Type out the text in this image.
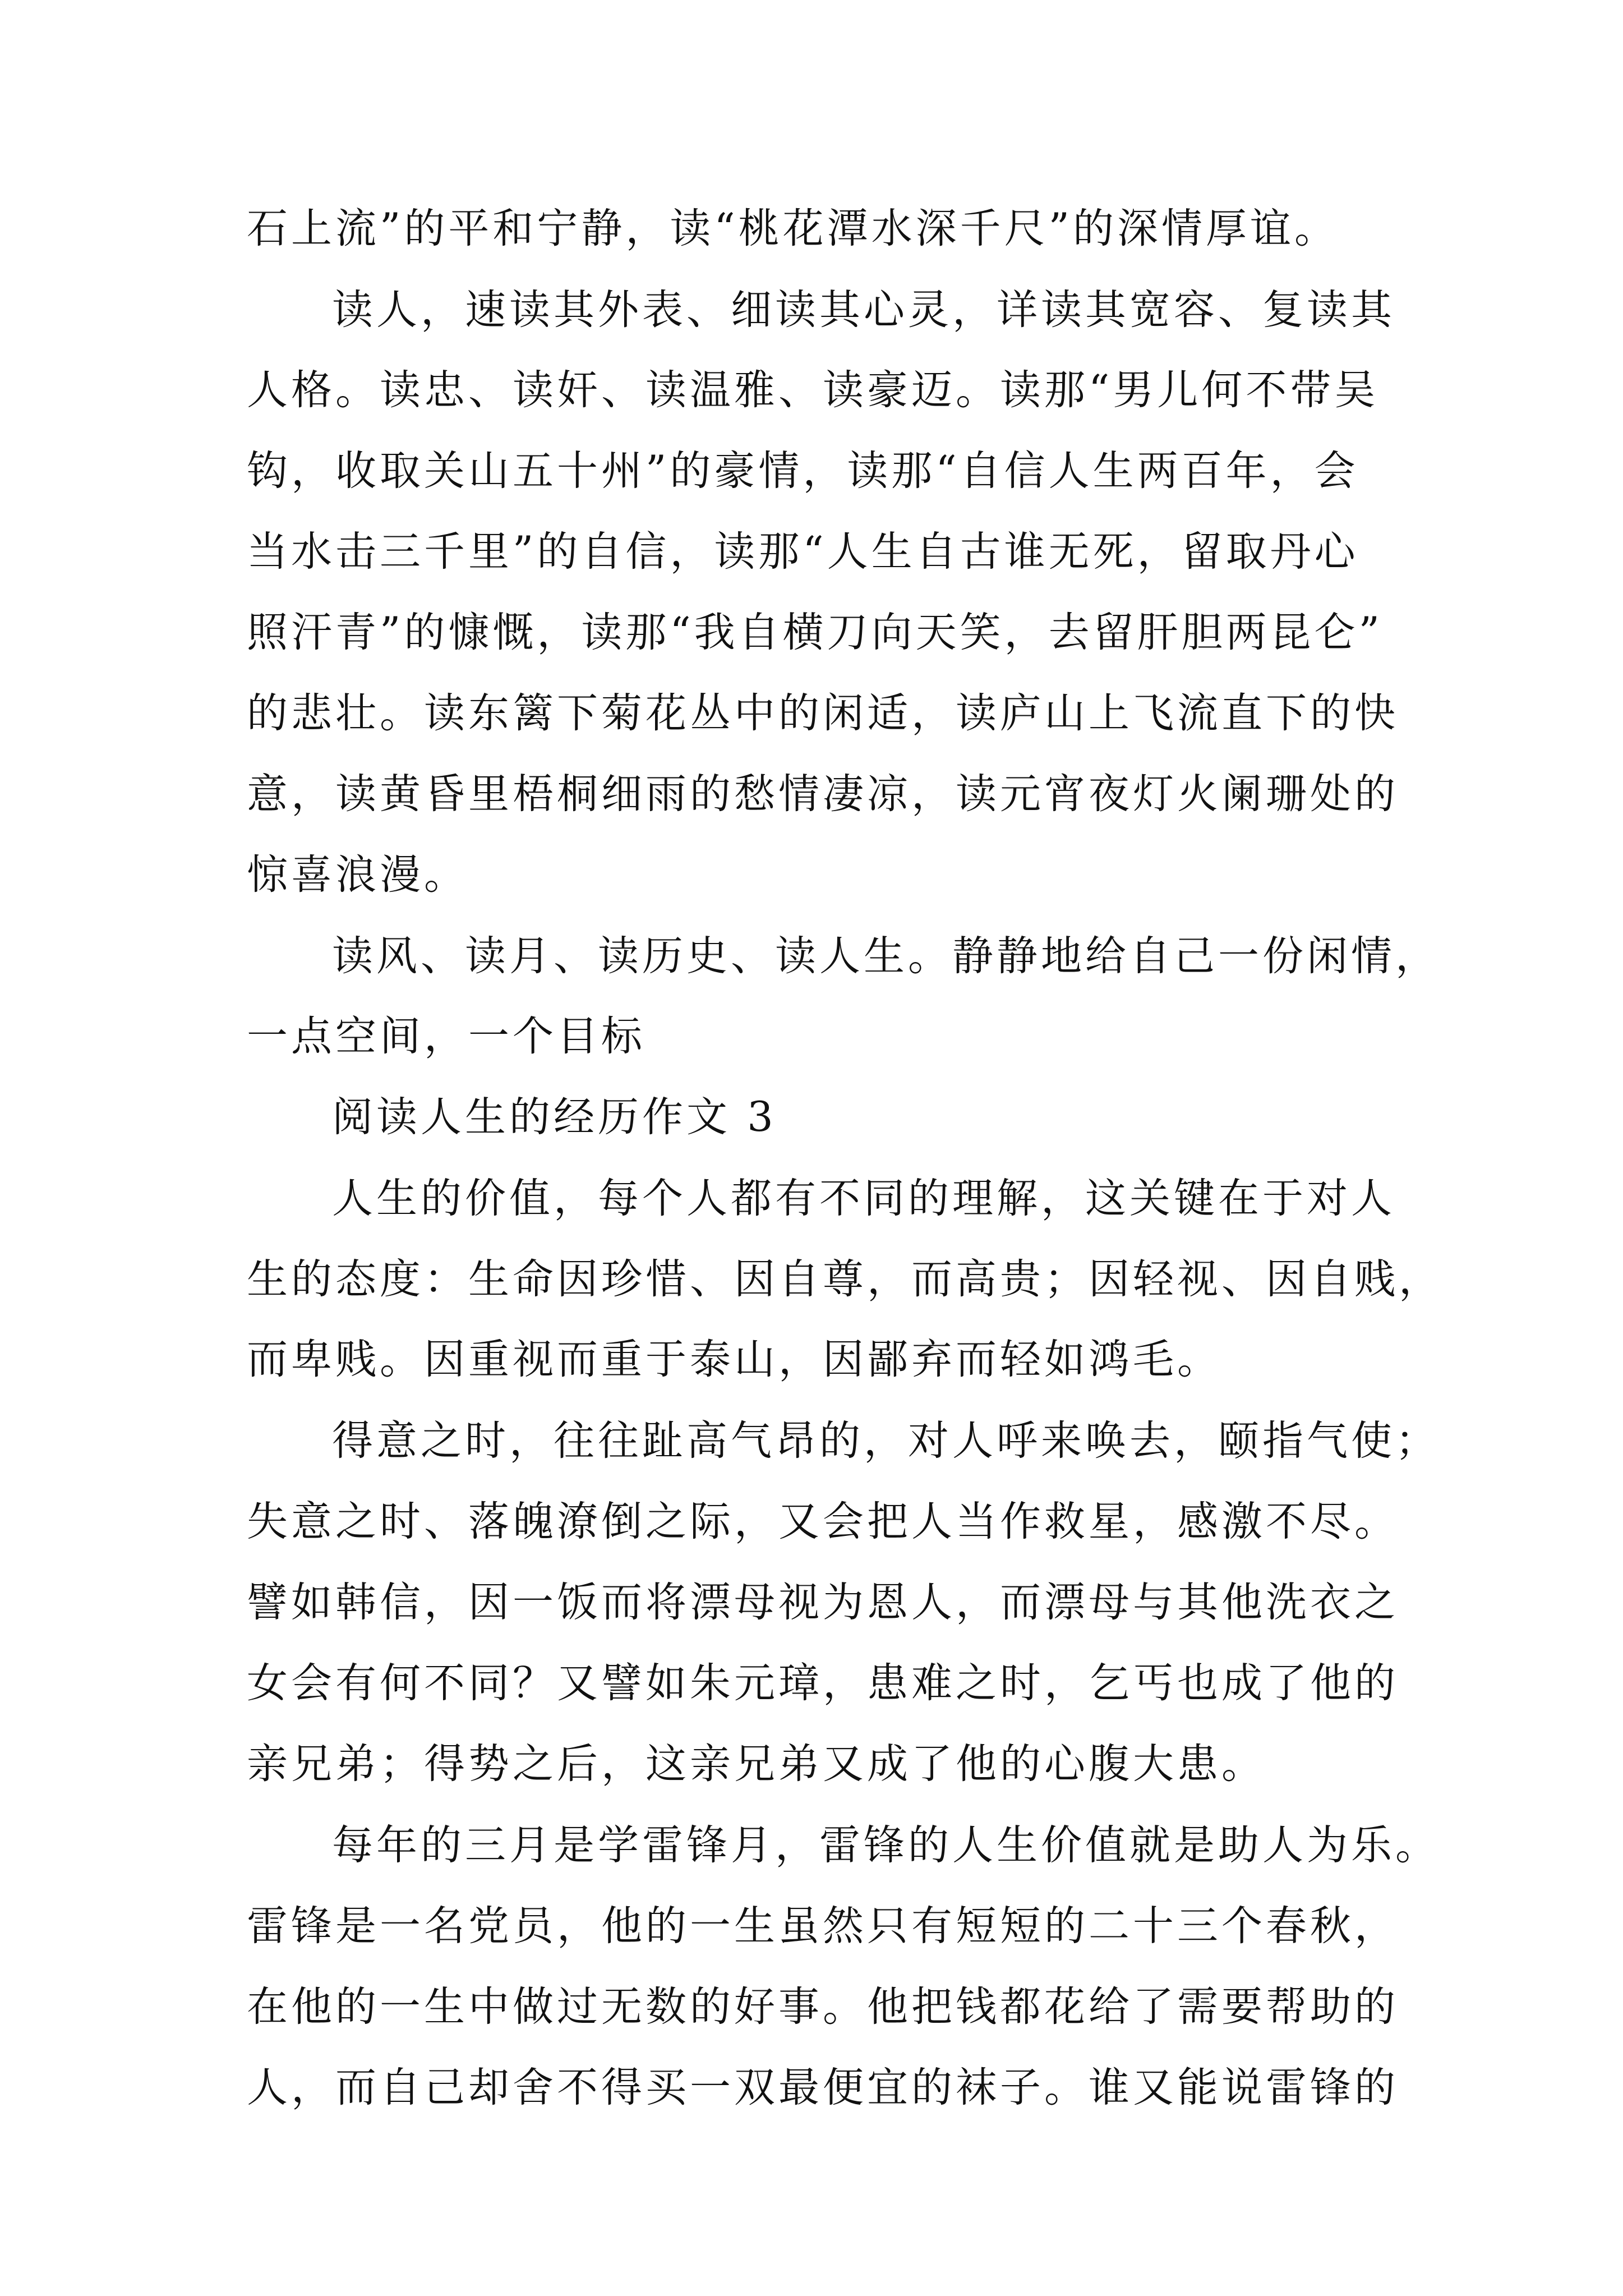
石上流”的平和宁静，读“桃花潭水深千尺”的深情厚谊。
读人，速读其外表、细读其心灵，详读其宽容、复读其
人格。读忠、读奸、读温雅、读豪迈。读那“男儿何不带吴
钩，收取关山五十州”的豪情，读那“自信人生两百年，会
当水击三千里”的自信，读那“人生自古谁无死，留取丹心
照汗青”的慷慨，读那“我自横刀向天笑，去留肝胆两昆仑”
的悲壮。读东篱下菊花丛中的闲适，读庐山上飞流直下的快
意，读黄昏里梧桐细雨的愁情凄凉，读元宵夜灯火阑珊处的
惊喜浪漫。
读风、读月、读历史、读人生。静静地给自己一份闲情，
一点空间，一个目标
阅读人生的经历作文 3
人生的价值，每个人都有不同的理解，这关键在于对人
生的态度：生命因珍惜、因自尊，而高贵；因轻视、因自贱，
而卑贱。因重视而重于泰山，因鄙弃而轻如鸿毛。
得意之时，往往趾高气昂的，对人呼来唤去，颐指气使；
失意之时、落魄潦倒之际，又会把人当作救星，感激不尽。
譬如韩信，因一饭而将漂母视为恩人，而漂母与其他洗衣之
女会有何不同？又譬如朱元璋，患难之时，乞丐也成了他的
亲兄弟；得势之后，这亲兄弟又成了他的心腹大患。
每年的三月是学雷锋月，雷锋的人生价值就是助人为乐。
雷锋是一名党员，他的一生虽然只有短短的二十三个春秋，
在他的一生中做过无数的好事。他把钱都花给了需要帮助的
人，而自己却舍不得买一双最便宜的袜子。谁又能说雷锋的
